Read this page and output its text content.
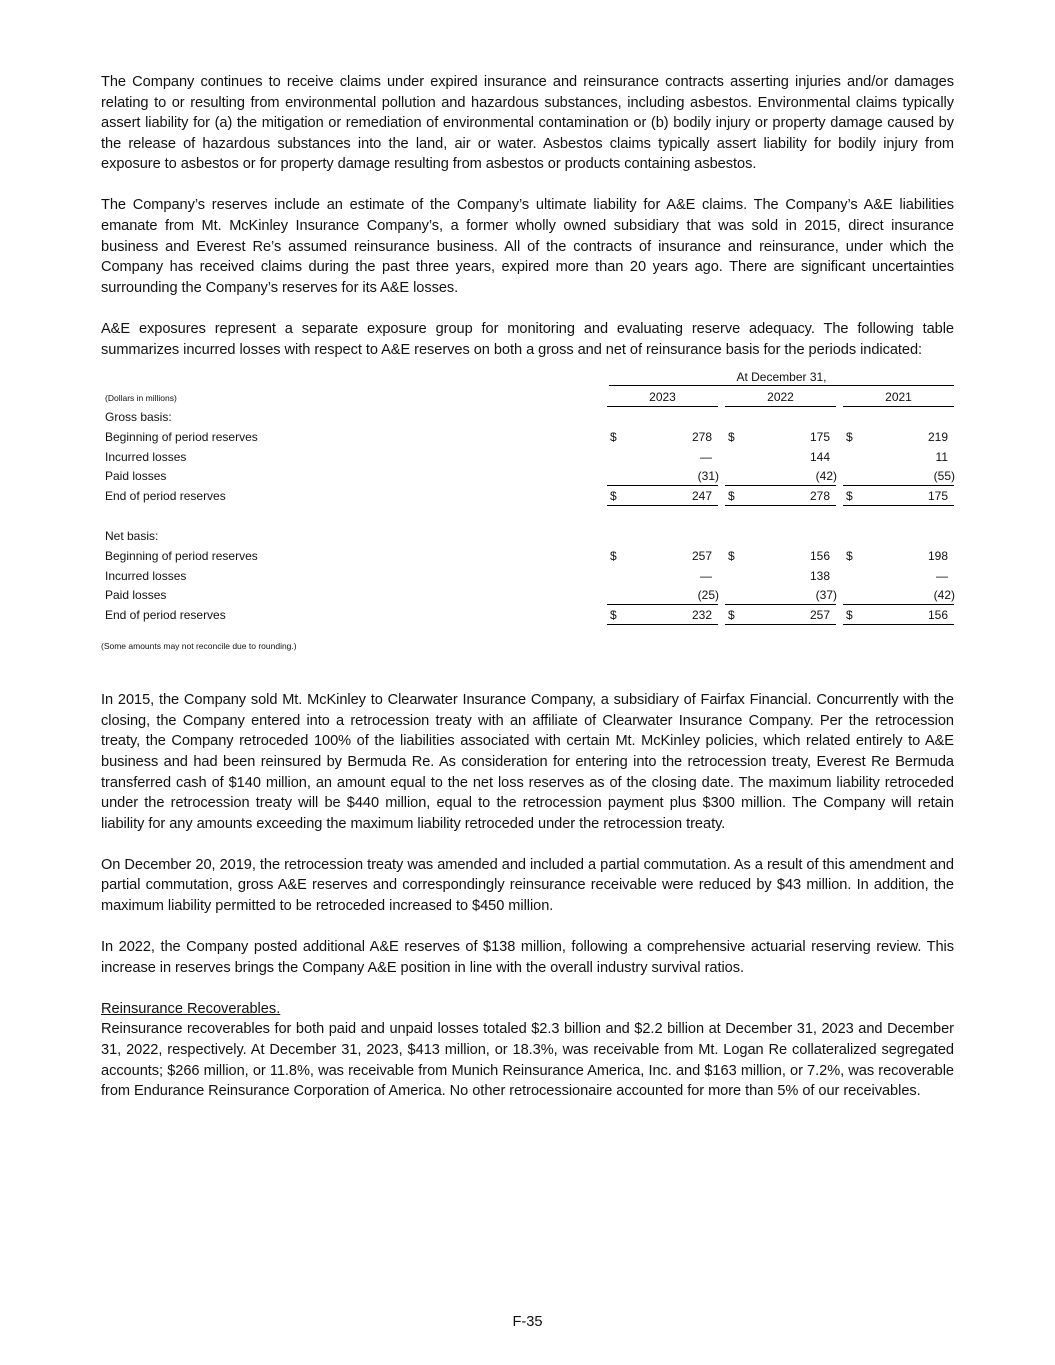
The Company continues to receive claims under expired insurance and reinsurance contracts asserting injuries and/or damages relating to or resulting from environmental pollution and hazardous substances, including asbestos. Environmental claims typically assert liability for (a) the mitigation or remediation of environmental contamination or (b) bodily injury or property damage caused by the release of hazardous substances into the land, air or water. Asbestos claims typically assert liability for bodily injury from exposure to asbestos or for property damage resulting from asbestos or products containing asbestos.

The Company’s reserves include an estimate of the Company’s ultimate liability for A&E claims. The Company’s A&E liabilities emanate from Mt. McKinley Insurance Company’s, a former wholly owned subsidiary that was sold in 2015, direct insurance business and Everest Re’s assumed reinsurance business. All of the contracts of insurance and reinsurance, under which the Company has received claims during the past three years, expired more than 20 years ago. There are significant uncertainties surrounding the Company’s reserves for its A&E losses.

A&E exposures represent a separate exposure group for monitoring and evaluating reserve adequacy. The following table summarizes incurred losses with respect to A&E reserves on both a gross and net of reinsurance basis for the periods indicated:

At December 31,
(Dollars in millions)	2023	2022	2021
Gross basis:
Beginning of period reserves	$	278 $	175 $	219
Incurred losses	—	144	11
Paid losses	(31)	(42)	(55)
End of period reserves	$	247 $	278 $	175
Net basis:
Beginning of period reserves	$	257 $	156 $	198
Incurred losses	—	138	—
Paid losses	(25)	(37)	(42)
End of period reserves	$	232 $	257 $	156
(Some amounts may not reconcile due to rounding.)

In 2015, the Company sold Mt. McKinley to Clearwater Insurance Company, a subsidiary of Fairfax Financial. Concurrently with the closing, the Company entered into a retrocession treaty with an affiliate of Clearwater Insurance Company. Per the retrocession treaty, the Company retroceded 100% of the liabilities associated with certain Mt. McKinley policies, which related entirely to A&E business and had been reinsured by Bermuda Re. As consideration for entering into the retrocession treaty, Everest Re Bermuda transferred cash of $140 million, an amount equal to the net loss reserves as of the closing date. The maximum liability retroceded under the retrocession treaty will be $440 million, equal to the retrocession payment plus $300 million. The Company will retain liability for any amounts exceeding the maximum liability retroceded under the retrocession treaty.

On December 20, 2019, the retrocession treaty was amended and included a partial commutation. As a result of this amendment and partial commutation, gross A&E reserves and correspondingly reinsurance receivable were reduced by $43 million. In addition, the maximum liability permitted to be retroceded increased to $450 million.

In 2022, the Company posted additional A&E reserves of $138 million, following a comprehensive actuarial reserving review. This increase in reserves brings the Company A&E position in line with the overall industry survival ratios.

Reinsurance Recoverables.

Reinsurance recoverables for both paid and unpaid losses totaled $2.3 billion and $2.2 billion at December 31, 2023 and December 31, 2022, respectively. At December 31, 2023, $413 million, or 18.3%, was receivable from Mt. Logan Re collateralized segregated accounts; $266 million, or 11.8%, was receivable from Munich Reinsurance America, Inc. and $163 million, or 7.2%, was recoverable from Endurance Reinsurance Corporation of America. No other retrocessionaire accounted for more than 5% of our receivables.

F-35
